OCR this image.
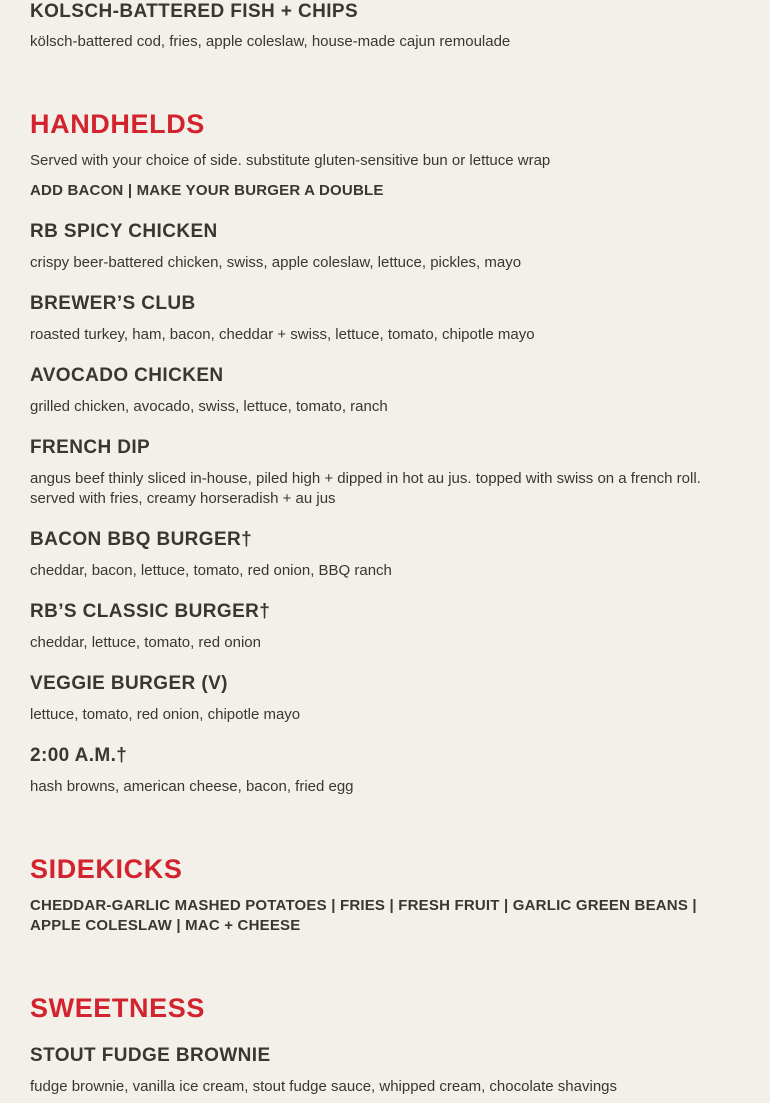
KOLSCH-BATTERED FISH + CHIPS
kölsch-battered cod, fries, apple coleslaw, house-made cajun remoulade
HANDHELDS
Served with your choice of side. substitute gluten-sensitive bun or lettuce wrap
ADD BACON | MAKE YOUR BURGER A DOUBLE
RB SPICY CHICKEN
crispy beer-battered chicken, swiss, apple coleslaw, lettuce, pickles, mayo
BREWER’S CLUB
roasted turkey, ham, bacon, cheddar + swiss, lettuce, tomato, chipotle mayo
AVOCADO CHICKEN
grilled chicken, avocado, swiss, lettuce, tomato, ranch
FRENCH DIP
angus beef thinly sliced in-house, piled high + dipped in hot au jus. topped with swiss on a french roll. served with fries, creamy horseradish + au jus
BACON BBQ BURGER†
cheddar, bacon, lettuce, tomato, red onion, BBQ ranch
RB’S CLASSIC BURGER†
cheddar, lettuce, tomato, red onion
VEGGIE BURGER (V)
lettuce, tomato, red onion, chipotle mayo
2:00 A.M.†
hash browns, american cheese, bacon, fried egg
SIDEKICKS
CHEDDAR-GARLIC MASHED POTATOES | FRIES | FRESH FRUIT | GARLIC GREEN BEANS | APPLE COLESLAW | MAC + CHEESE
SWEETNESS
STOUT FUDGE BROWNIE
fudge brownie, vanilla ice cream, stout fudge sauce, whipped cream, chocolate shavings
